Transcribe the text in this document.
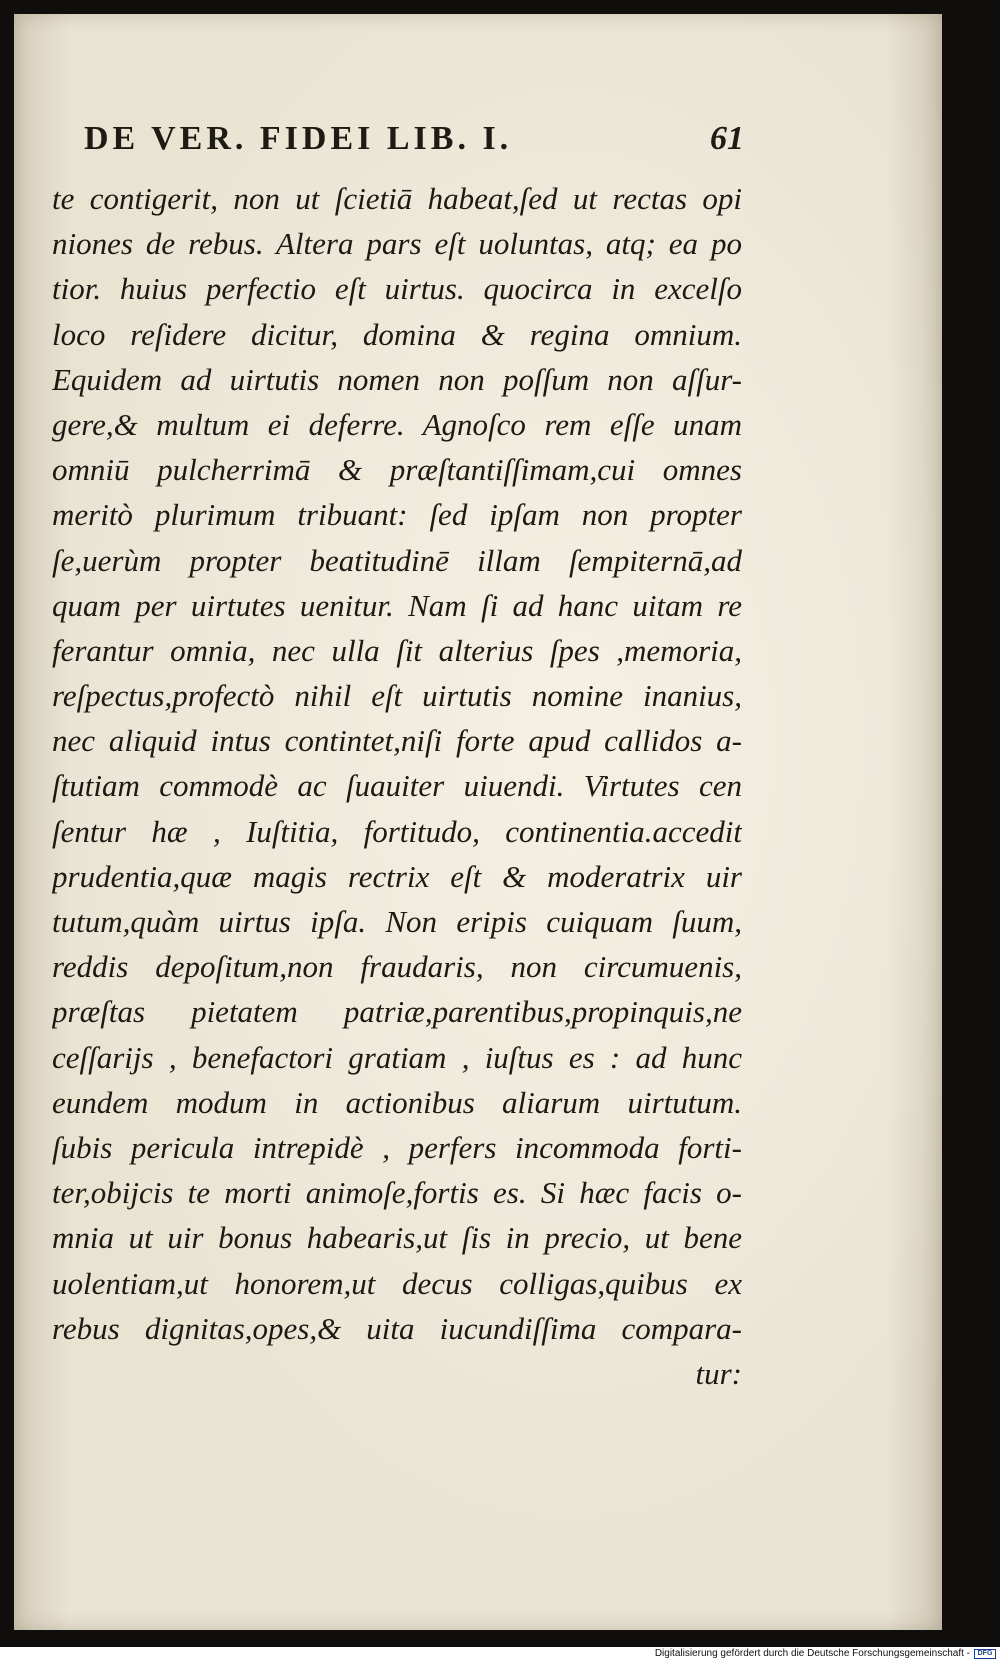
DE VER. FIDEI LIB. I.	61
te contigerit, non ut ſcietiā habeat,ſed ut rectas opi
niones de rebus. Altera pars eſt uoluntas, atq; ea po
tior. huius perfectio eſt uirtus. quocirca in excelſo
loco reſidere dicitur, domina & regina omnium.
Equidem ad uirtutis nomen non poſſum non aſſur-
gere,& multum ei deferre. Agnoſco rem eſſe unam
omniū pulcherrimā & præſtantiſſimam,cui omnes
meritò plurimum tribuant: ſed ipſam non propter
ſe,uerùm propter beatitudinē illam ſempiternā,ad
quam per uirtutes uenitur. Nam ſi ad hanc uitam re
ferantur omnia, nec ulla ſit alterius ſpes ,memoria,
reſpectus,profectò nihil eſt uirtutis nomine inanius,
nec aliquid intus contintet,niſi forte apud callidos a-
ſtutiam commodè ac ſuauiter uiuendi. Virtutes cen
ſentur hæ , Iuſtitia, fortitudo, continentia.accedit
prudentia,quæ magis rectrix eſt & moderatrix uir
tutum,quàm uirtus ipſa. Non eripis cuiquam ſuum,
reddis depoſitum,non fraudaris, non circumuenis,
præſtas pietatem patriæ,parentibus,propinquis,ne
ceſſarijs , benefactori gratiam , iuſtus es : ad hunc
eundem modum in actionibus aliarum uirtutum.
ſubis pericula intrepidè , perfers incommoda forti-
ter,obijcis te morti animoſe,fortis es. Si hæc facis o-
mnia ut uir bonus habearis,ut ſis in precio, ut bene
uolentiam,ut honorem,ut decus colligas,quibus ex
rebus dignitas,opes,& uita iucundiſſima compara-
tur:
Digitalisierung gefördert durch die Deutsche Forschungsgemeinschaft -	DFG
